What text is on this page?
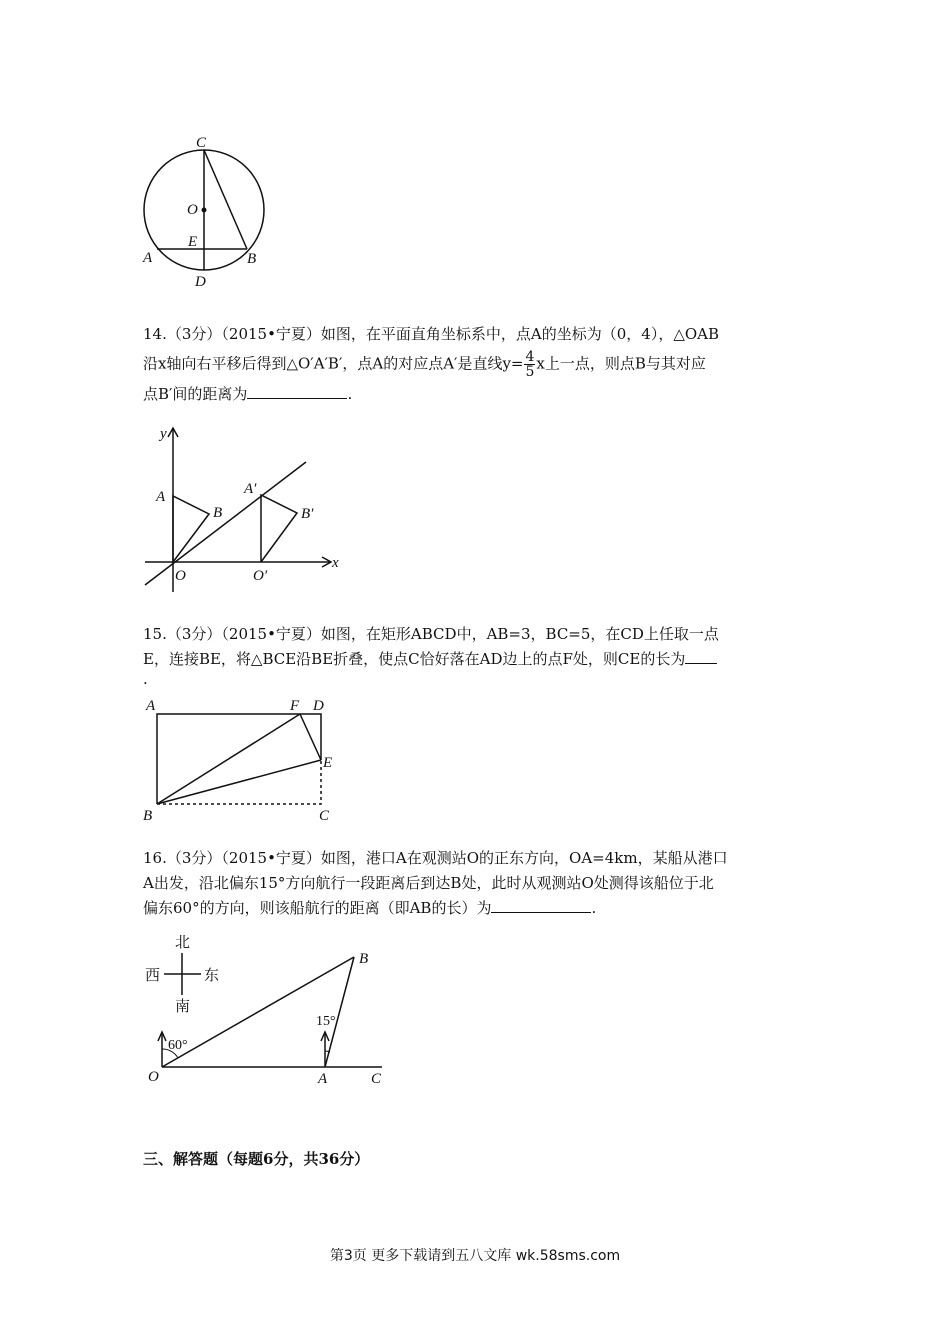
C
O
E
A	B
D
14.（3分）（2015•宁夏）如图，在平面直角坐标系中，点A的坐标为（0，4），△OAB
沿x轴向右平移后得到△O′A′B′，点A的对应点A′是直线$y= \frac{4}{5}$ x上一点，则点B与其对应
点B′间的距离为	.
y
x
A
B
O
A′
B′
O′
15.（3分）（2015•宁夏）如图，在矩形ABCD中，AB=3，BC=5，在CD上任取一点
E，连接BE，将△BCE沿BE折叠，使点C恰好落在AD边上的点F处，则CE的长为
.
A	F D
E
B	C
16.（3分）（2015•宁夏）如图，港口A在观测站O的正东方向，OA=4km，某船从港口
A出发，沿北偏东15°方向航行一段距离后到达B处，此时从观测站O处测得该船位于北
偏东60°的方向，则该船航行的距离（即AB的长）为	.
北
南
西	东
60°
15°
B
O	A	C
三、解答题（每题6分，共36分）
第3页 更多下载请到五八文库 wk.58sms.com
